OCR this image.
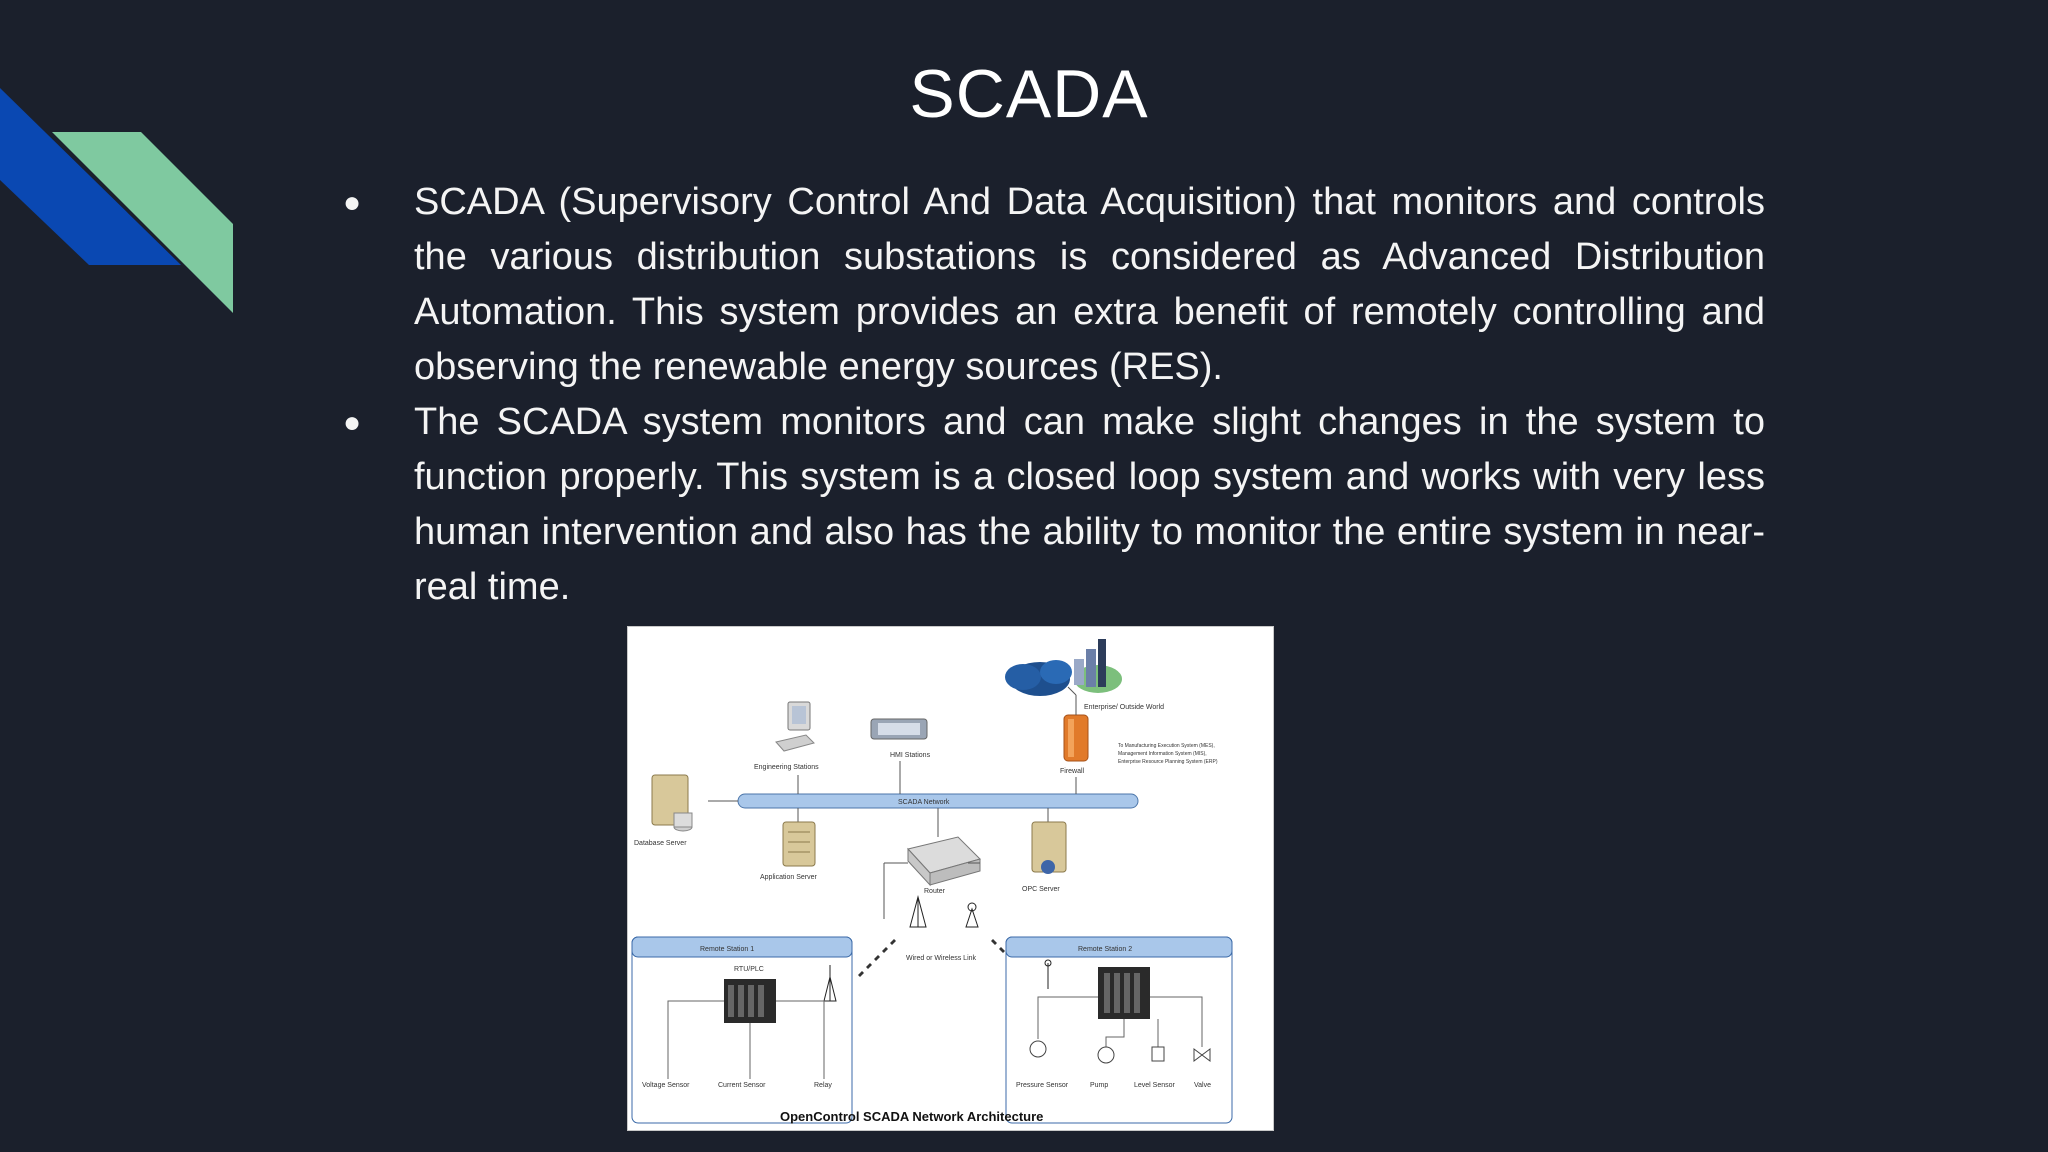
SCADA
● SCADA (Supervisory Control And Data Acquisition) that monitors and controls the various distribution substations is considered as Advanced Distribution Automation. This system provides an extra benefit of remotely controlling and observing the renewable energy sources (RES).
● The SCADA system monitors and can make slight changes in the system to function properly. This system is a closed loop system and works with very less human intervention and also has the ability to monitor the entire system in near-real time.
Enterprise/ Outside World
To Manufacturing Execution System (MES),
Management Information System (MIS),
Enterprise Resource Planning System (ERP)
Engineering Stations
HMI Stations
Firewall
SCADA Network
Database Server
Application Server
Router	OPC Server
Wired or Wireless Link
Remote Station 1
RTU/PLC
Voltage Sensor	Current Sensor	Relay
Remote Station 2
Pressure Sensor	Pump	Level Sensor	Valve
OpenControl SCADA Network Architecture
